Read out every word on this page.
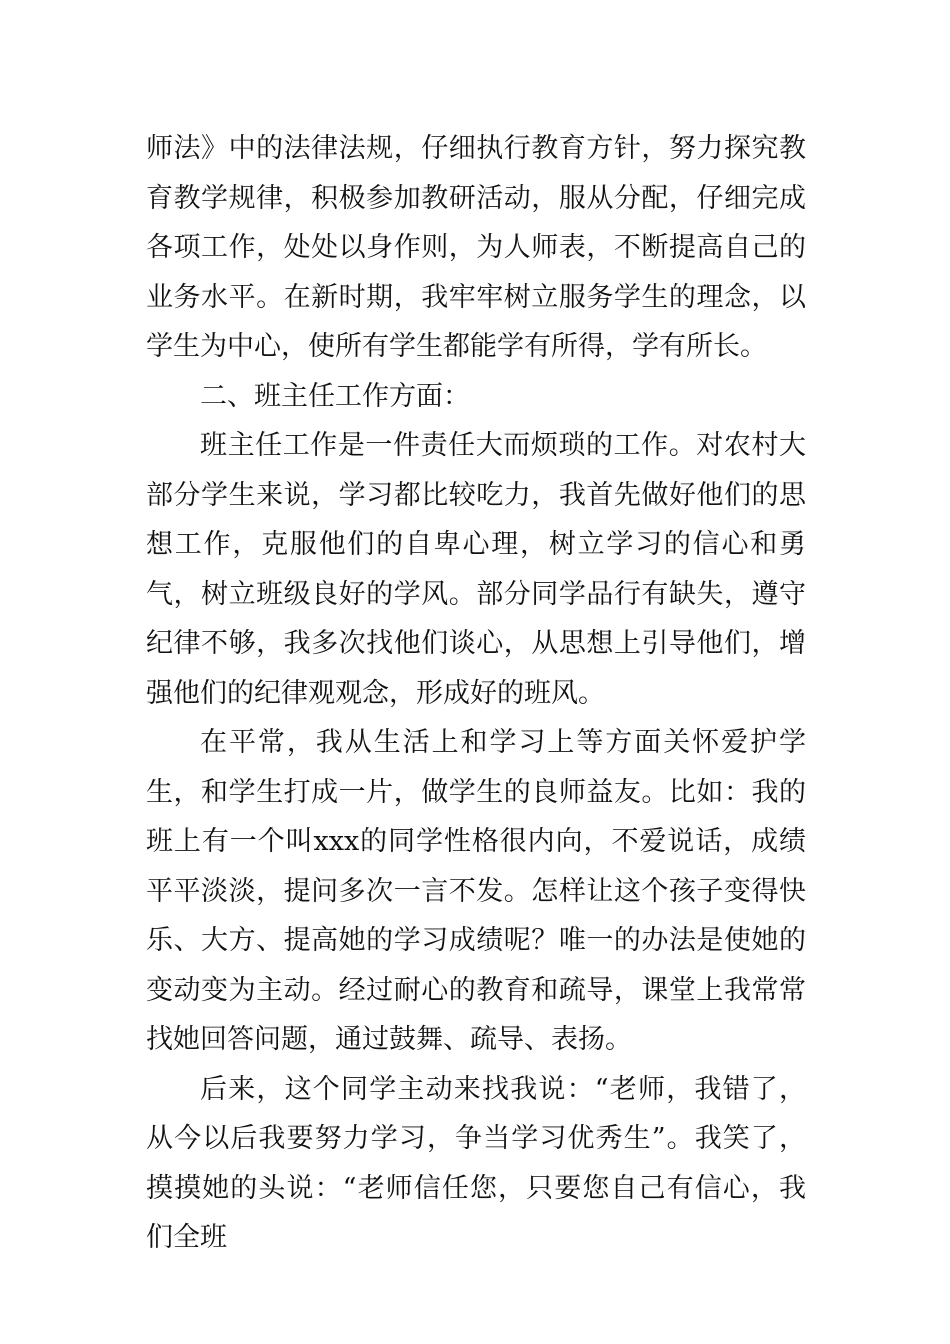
师法》中的法律法规，仔细执行教育方针，努力探究教育教学规律，积极参加教研活动，服从分配，仔细完成各项工作，处处以身作则，为人师表，不断提高自己的业务水平。在新时期，我牢牢树立服务学生的理念，以学生为中心，使所有学生都能学有所得，学有所长。

二、班主任工作方面：

班主任工作是一件责任大而烦琐的工作。对农村大部分学生来说，学习都比较吃力，我首先做好他们的思想工作，克服他们的自卑心理，树立学习的信心和勇气，树立班级良好的学风。部分同学品行有缺失，遵守纪律不够，我多次找他们谈心，从思想上引导他们，增强他们的纪律观观念，形成好的班风。

在平常，我从生活上和学习上等方面关怀爱护学生，和学生打成一片，做学生的良师益友。比如：我的班上有一个叫xxx的同学性格很内向，不爱说话，成绩平平淡淡，提问多次一言不发。怎样让这个孩子变得快乐、大方、提高她的学习成绩呢？唯一的办法是使她的变动变为主动。经过耐心的教育和疏导，课堂上我常常找她回答问题，通过鼓舞、疏导、表扬。

后来，这个同学主动来找我说：“老师，我错了，从今以后我要努力学习，争当学习优秀生”。我笑了，摸摸她的头说：“老师信任您，只要您自己有信心，我们全班
